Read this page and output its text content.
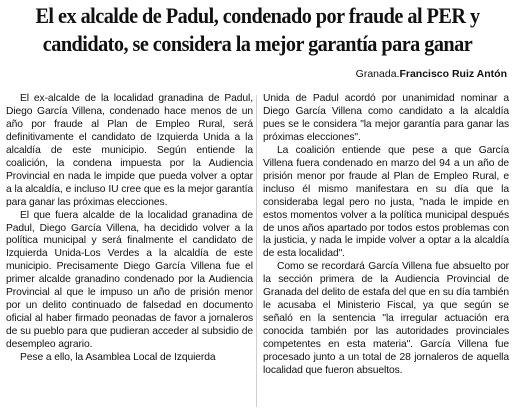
El ex alcalde de Padul, condenado por fraude al PER y
candidato, se considera la mejor garantía para ganar
Granada.Francisco Ruiz Antón

El ex-alcalde de la localidad granadina de Padul, Diego García Villena, condenado hace menos de un año por fraude al Plan de Empleo Rural, será definitivamente el candidato de Izquierda Unida a la alcaldía de este municipio. Según entiende la coalición, la condena impuesta por la Audiencia Provincial en nada le impide que pueda volver a optar a la alcaldía, e incluso IU cree que es la mejor garantía para ganar las próximas elecciones.

El que fuera alcalde de la localidad granadina de Padul, Diego García Villena, ha decidido volver a la política municipal y será finalmente el candidato de Izquierda Unida-Los Verdes a la alcaldía de este municipio. Precisamente Diego García Villena fue el primer alcalde granadino condenado por la Audiencia Provincial al que le impuso un año de prisión menor por un delito continuado de falsedad en documento oficial al haber firmado peonadas de favor a jornaleros de su pueblo para que pudieran acceder al subsidio de desempleo agrario.

Pese a ello, la Asamblea Local de Izquierda

Unida de Padul acordó por unanimidad nominar a Diego García Villena como candidato a la alcaldía pues se le considera "la mejor garantía para ganar las próximas elecciones".

La coalición entiende que pese a que García Villena fuera condenado en marzo del 94 a un año de prisión menor por fraude al Plan de Empleo Rural, e incluso él mismo manifestara en su día que la consideraba legal pero no justa, "nada le impide en estos momentos volver a la política municipal después de unos años apartado por todos estos problemas con la justicia, y nada le impide volver a optar a la alcaldía de esta localidad".

Como se recordará García Villena fue absuelto por la sección primera de la Audiencia Provincial de Granada del delito de estafa del que en su día también le acusaba el Ministerio Fiscal, ya que según se señaló en la sentencia "la irregular actuación era conocida también por las autoridades provinciales competentes en esta materia". García Villena fue procesado junto a un total de 28 jornaleros de aquella localidad que fueron absueltos.
